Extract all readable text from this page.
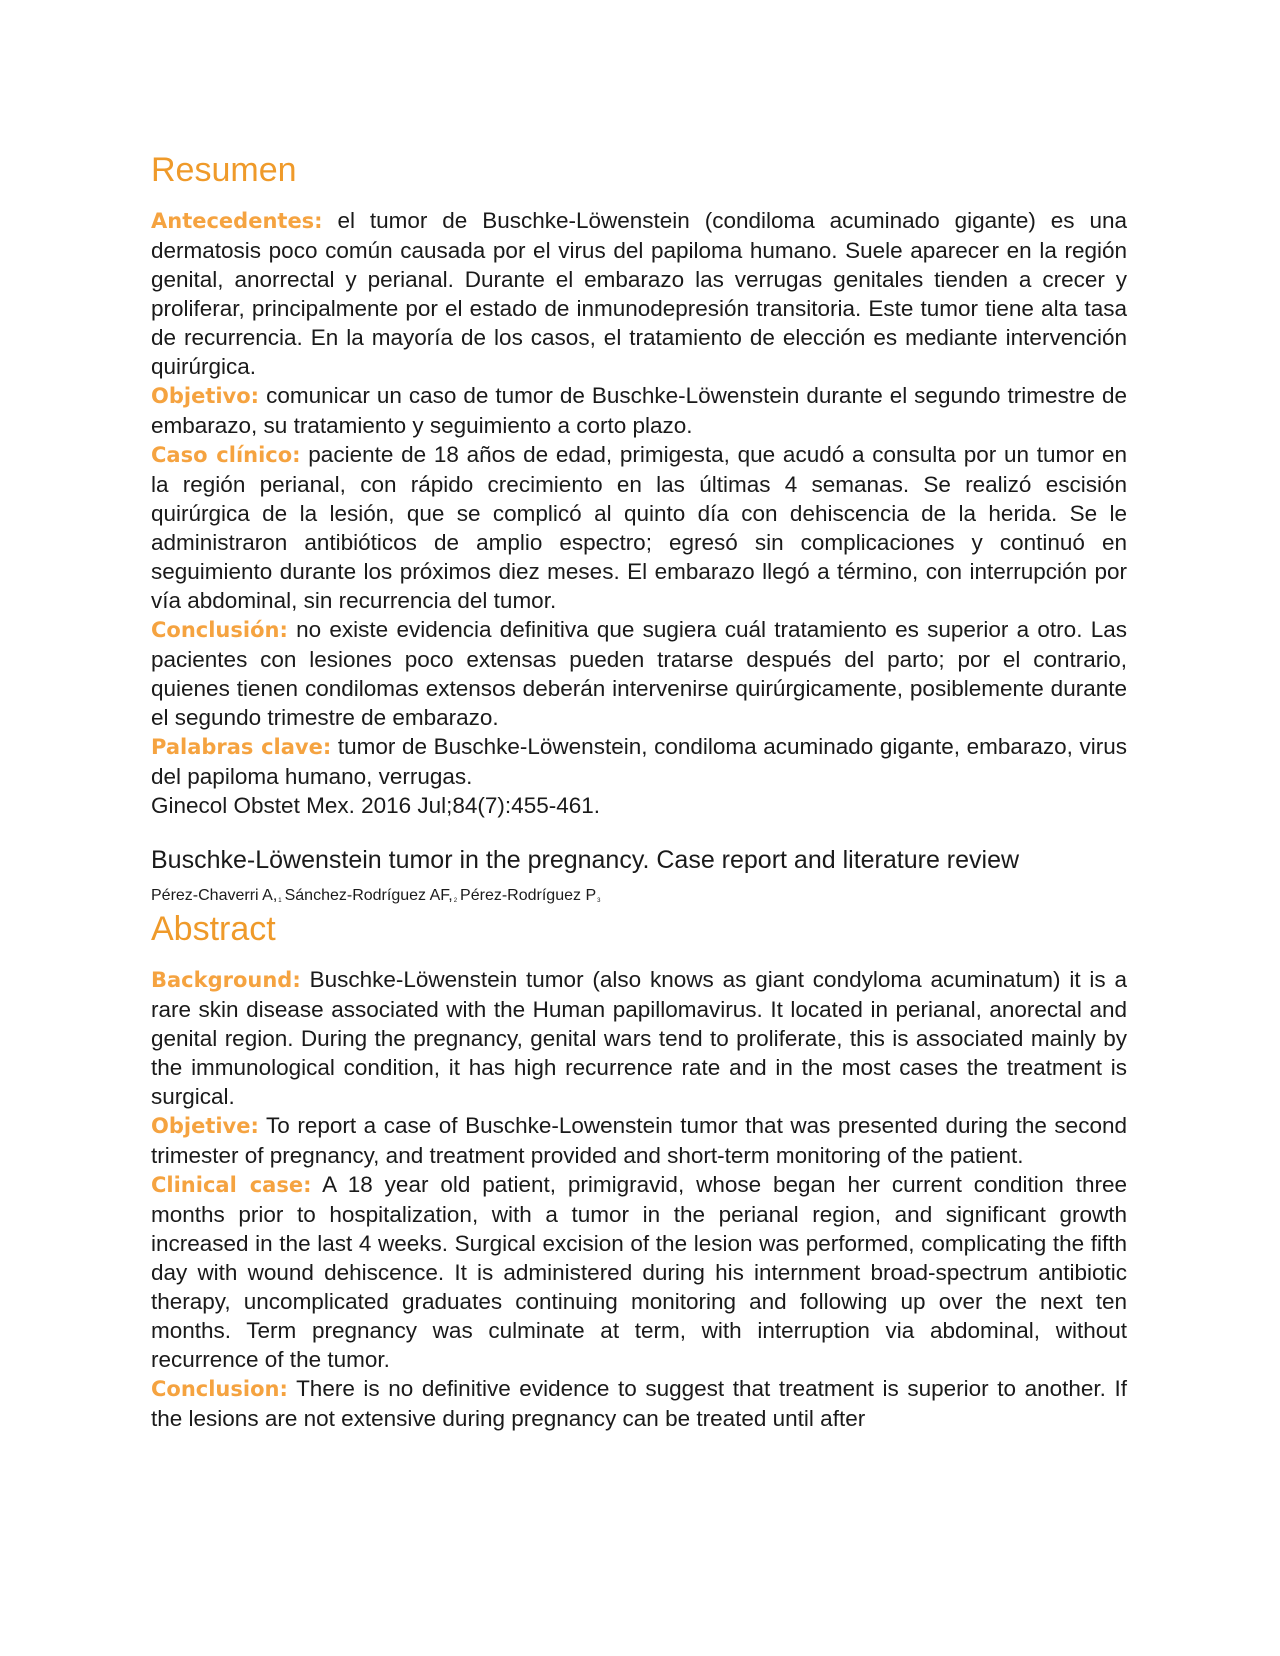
Resumen

Antecedentes: el tumor de Buschke-Löwenstein (condiloma acuminado gigante) es una dermatosis poco común causada por el virus del papiloma humano. Suele aparecer en la región genital, anorrectal y perianal. Durante el embarazo las verrugas genitales tienden a crecer y proliferar, principalmente por el estado de inmunodepresión transitoria. Este tumor tiene alta tasa de recurrencia. En la mayoría de los casos, el tratamiento de elección es mediante intervención quirúrgica.

Objetivo: comunicar un caso de tumor de Buschke-Löwenstein durante el segundo trimestre de embarazo, su tratamiento y seguimiento a corto plazo.

Caso clínico: paciente de 18 años de edad, primigesta, que acudó a consulta por un tumor en la región perianal, con rápido crecimiento en las últimas 4 semanas. Se realizó escisión quirúrgica de la lesión, que se complicó al quinto día con dehiscencia de la herida. Se le administraron antibióticos de amplio espectro; egresó sin complicaciones y continuó en seguimiento durante los próximos diez meses. El embarazo llegó a término, con interrupción por vía abdominal, sin recurrencia del tumor.

Conclusión: no existe evidencia definitiva que sugiera cuál tratamiento es superior a otro. Las pacientes con lesiones poco extensas pueden tratarse después del parto; por el contrario, quienes tienen condilomas extensos deberán intervenirse quirúrgicamente, posiblemente durante el segundo trimestre de embarazo.

Palabras clave: tumor de Buschke-Löwenstein, condiloma acuminado gigante, embarazo, virus del papiloma humano, verrugas.

Ginecol Obstet Mex. 2016 Jul;84(7):455-461.

Buschke-Löwenstein tumor in the pregnancy. Case report and literature review

Pérez-Chaverri A,$^1$ Sánchez-Rodríguez AF,$^2$ Pérez-Rodríguez $P^3$

Abstract

Background: Buschke-Löwenstein tumor (also knows as giant condyloma acuminatum) it is a rare skin disease associated with the Human papillomavirus. It located in perianal, anorectal and genital region. During the pregnancy, genital wars tend to proliferate, this is associated mainly by the immunological condition, it has high recurrence rate and in the most cases the treatment is surgical.

Objetive: To report a case of Buschke-Lowenstein tumor that was presented during the second trimester of pregnancy, and treatment provided and short-term monitoring of the patient.

Clinical case: A 18 year old patient, primigravid, whose began her current condition three months prior to hospitalization, with a tumor in the perianal region, and significant growth increased in the last 4 weeks. Surgical excision of the lesion was performed, complicating the fifth day with wound dehiscence. It is administered during his internment broad-spectrum antibiotic therapy, uncomplicated graduates continuing monitoring and following up over the next ten months. Term pregnancy was culminate at term, with interruption via abdominal, without recurrence of the tumor.

Conclusion: There is no definitive evidence to suggest that treatment is superior to another. If the lesions are not extensive during pregnancy can be treated until after
